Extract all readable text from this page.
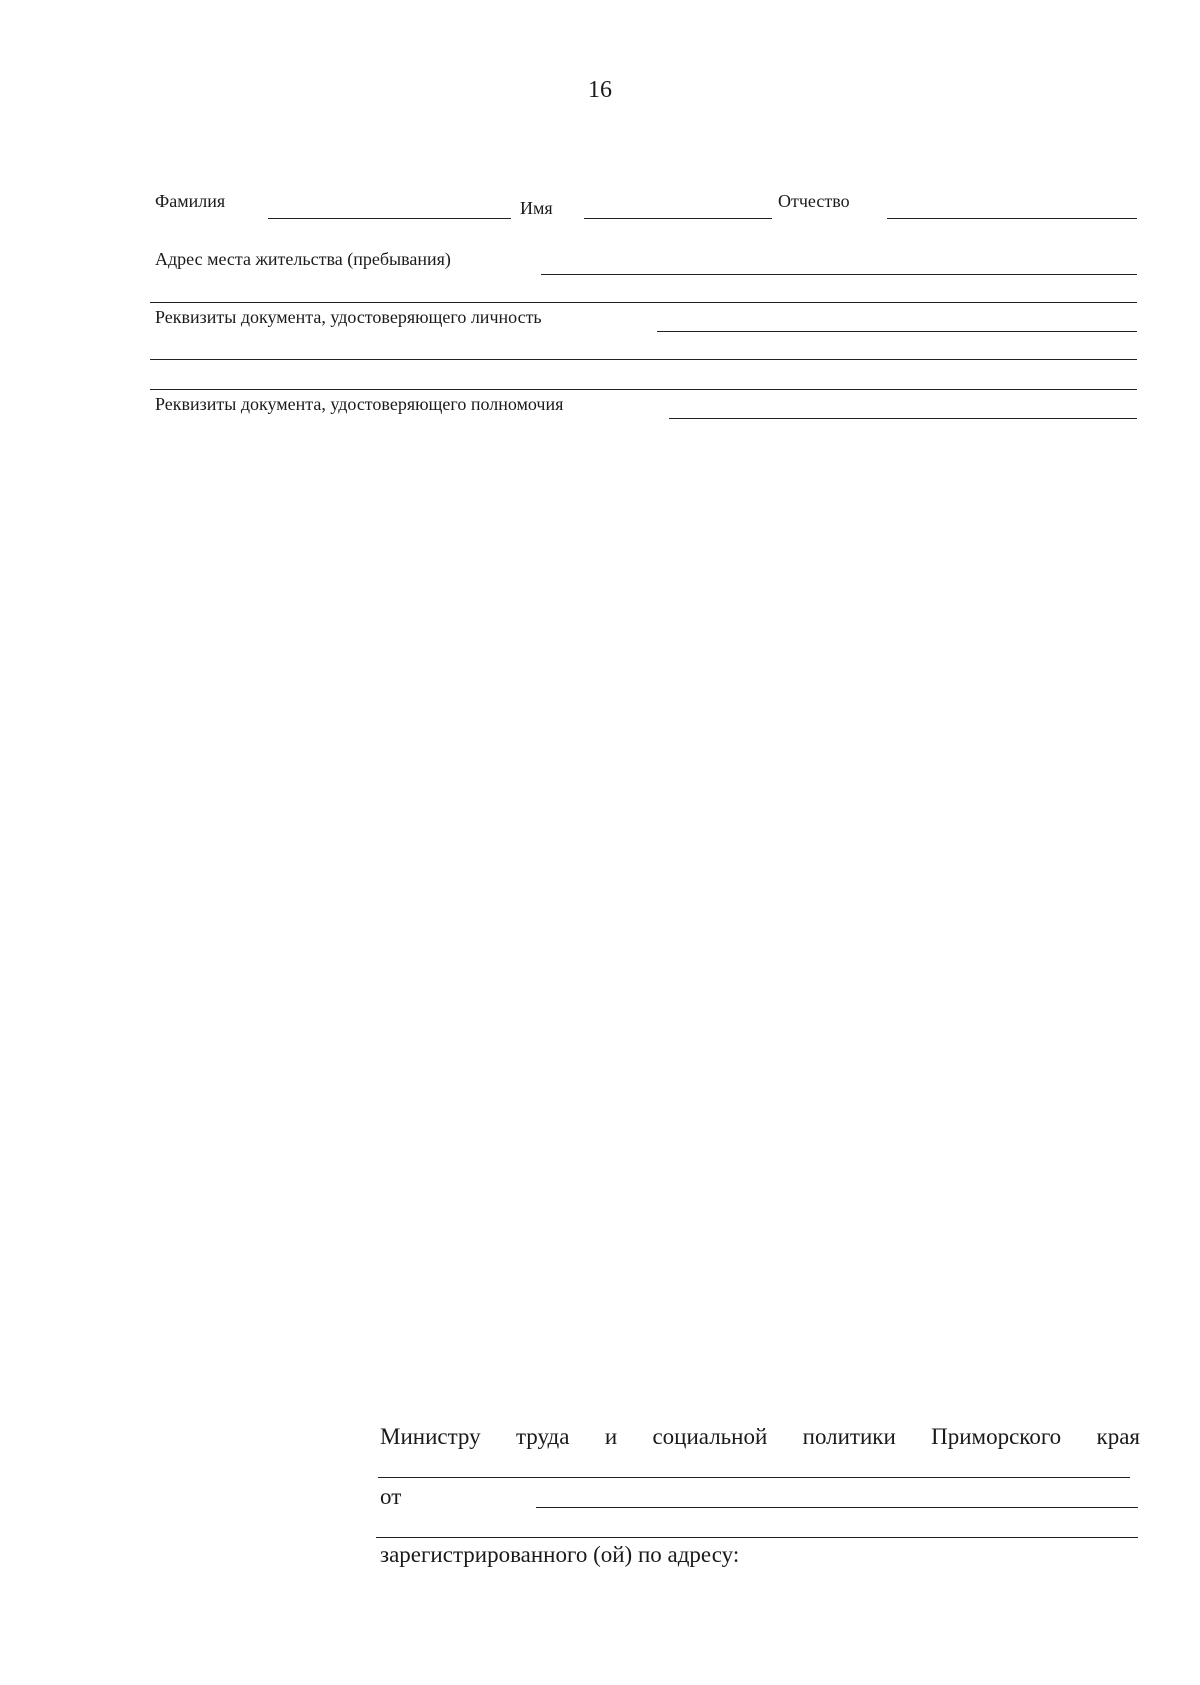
16
Фамилия	Имя	Отчество
Адрес места жительства (пребывания)
Реквизиты документа, удостоверяющего личность
Реквизиты документа, удостоверяющего полномочия
Министру труда и социальной политики Приморского края
от
зарегистрированного (ой) по адресу:
